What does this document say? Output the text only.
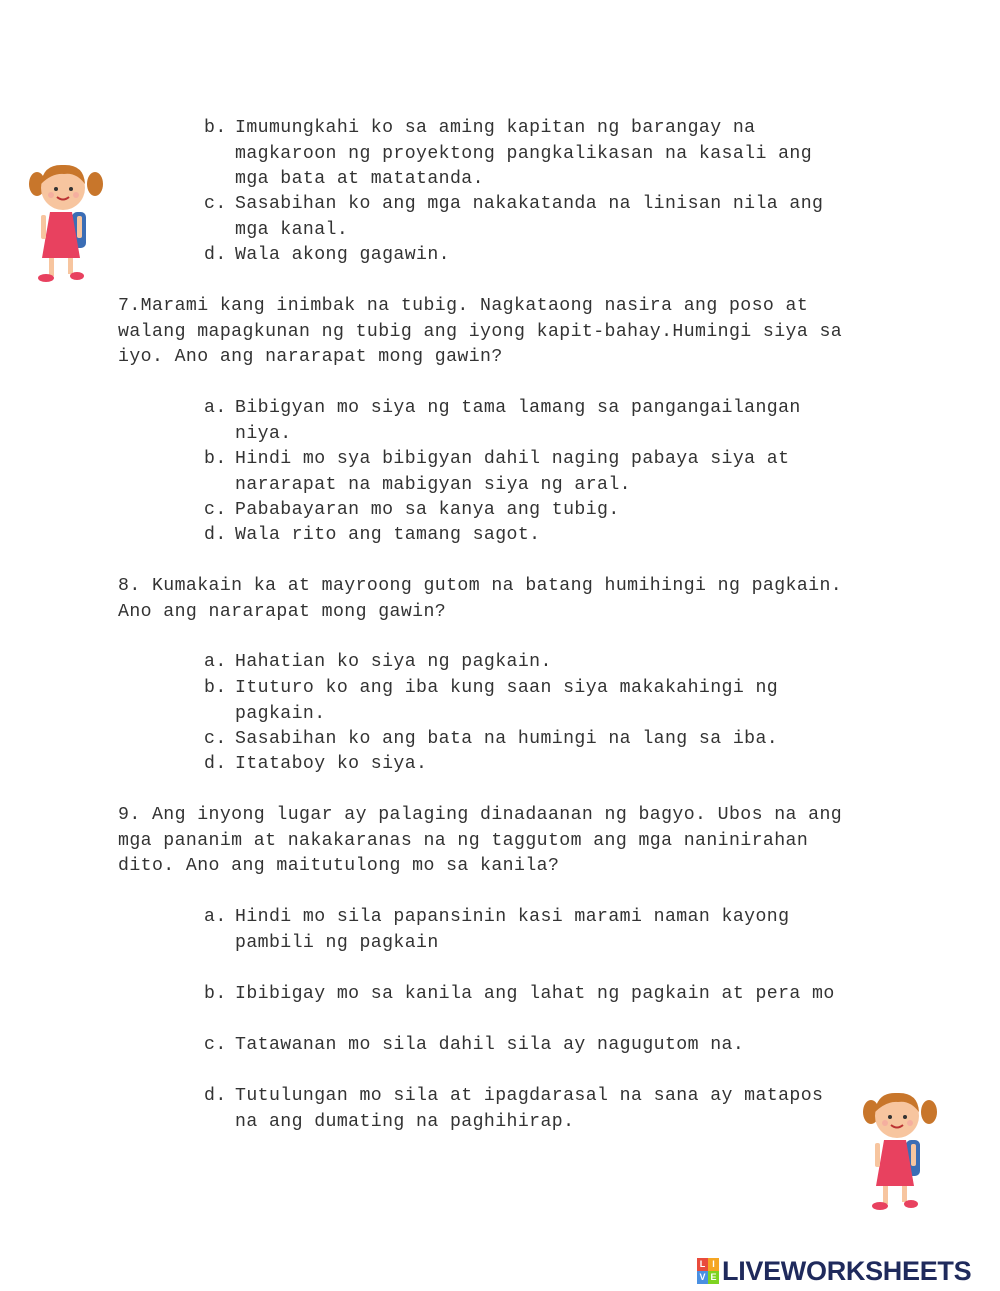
b. Imumungkahi ko sa aming kapitan ng barangay na
magkaroon ng proyektong pangkalikasan na kasali ang
mga bata at matatanda.
c. Sasabihan ko ang mga nakakatanda na linisan nila ang
mga kanal.
d. Wala akong gagawin.
7.Marami kang inimbak na tubig. Nagkataong nasira ang poso at
walang mapagkunan ng tubig ang iyong kapit-bahay.Humingi siya sa
iyo. Ano ang nararapat mong gawin?
a. Bibigyan mo siya ng tama lamang sa pangangailangan
niya.
b. Hindi mo sya bibigyan dahil naging pabaya siya at
nararapat na mabigyan siya ng aral.
c. Pababayaran mo sa kanya ang tubig.
d. Wala rito ang tamang sagot.
8. Kumakain ka at mayroong gutom na batang humihingi ng pagkain.
Ano ang nararapat mong gawin?
a. Hahatian ko siya ng pagkain.
b. Ituturo ko ang iba kung saan siya makakahingi ng
pagkain.
c. Sasabihan ko ang bata na humingi na lang sa iba.
d. Itataboy ko siya.
9. Ang inyong lugar ay palaging dinadaanan ng bagyo. Ubos na ang
mga pananim at nakakaranas na ng taggutom ang mga naninirahan
dito. Ano ang maitutulong mo sa kanila?
a. Hindi mo sila papansinin kasi marami naman kayong
pambili ng pagkain
b. Ibibigay mo sa kanila ang lahat ng pagkain at pera mo
c. Tatawanan mo sila dahil sila ay nagugutom na.
d. Tutulungan mo sila at ipagdarasal na sana ay matapos
na ang dumating na paghihirap.
L I
V E LIVEWORKSHEETS
